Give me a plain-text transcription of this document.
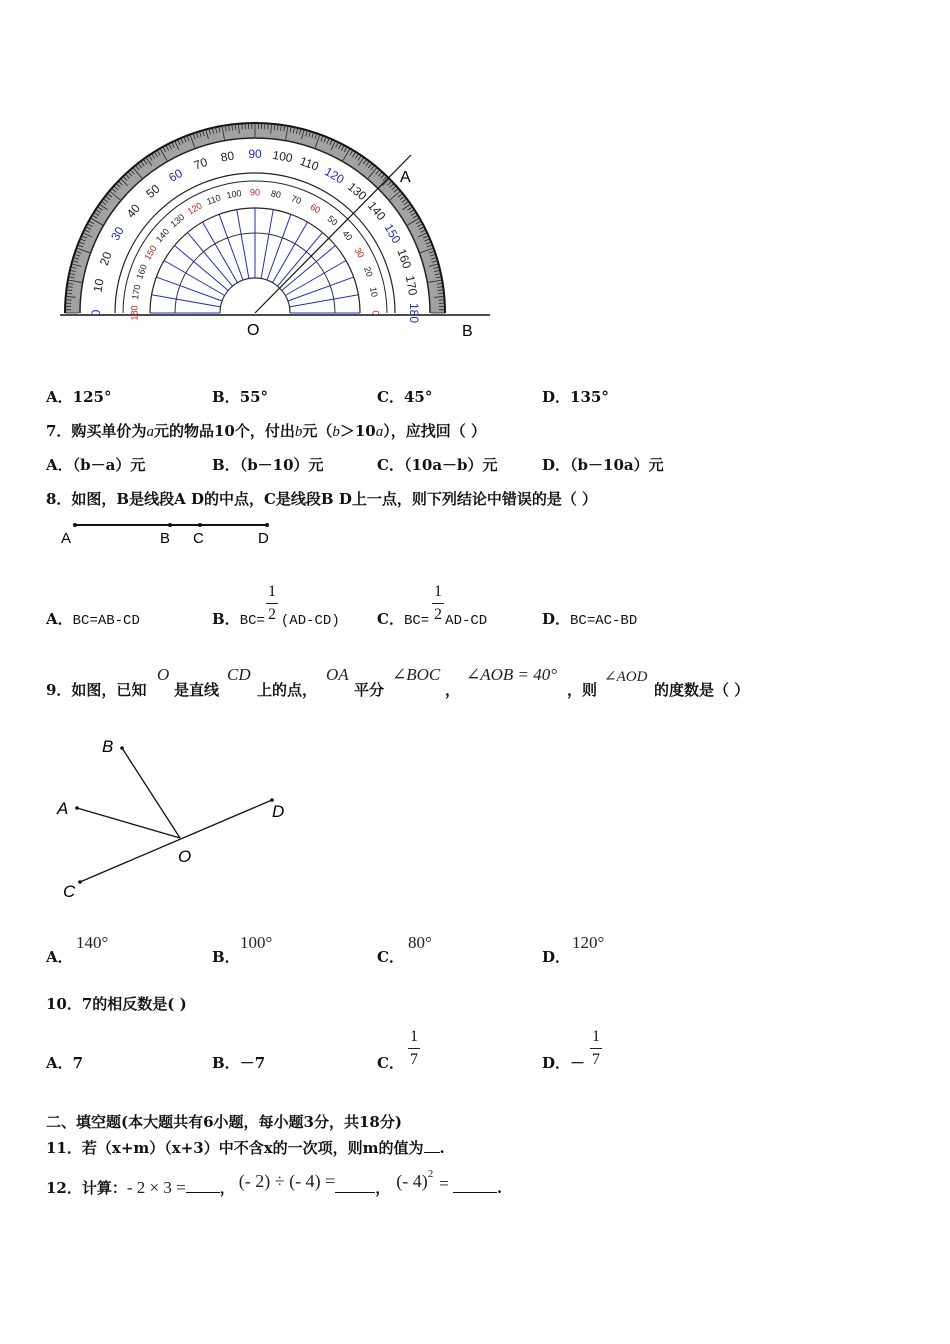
0
10
20
30
40
50
60
70 80 90 100 110
120
130
140
150
160
170
180
180
170
160
150
140
130
120
110 100 90 80 70
60
50
40
30
20
10
0
A
O	B
A．125°	B．55°	C．45°	D．135°
7．购买单价为a元的物品10个，付出b元（b＞10a），应找回（ ）
A．（b－a）元	B．（b－10）元	C．（10a－b）元	D．（b－10a）元
8．如图，B是线段A D的中点，C是线段B D上一点，则下列结论中错误的是（ ）
A	B C	D
A．BC=AB-CD	B．BC= (AD-CD)
1
2	C．BC= AD-CD
1
2	D．BC=AC-BD
9．如图，已知
O
是直线
CD
上的点，
OA
平分
∠BOC
，
∠AOB = 40°
，则
∠AOD
的度数是（ ）
B
A	D
O
C
A．
140°
B．
100°
C．
80°
D．
120°
10．7的相反数是( )
A．7	B．－7	C．
1
7	D．－
1
7
二、填空题(本大题共有6小题，每小题3分，共18分)
11．若（x+m）（x+3）中不含x的一次项，则m的值为 .
12．计算： - 2 × 3 = ， (- 2) ÷ (- 4) =	， (- 4) 2 =	.
